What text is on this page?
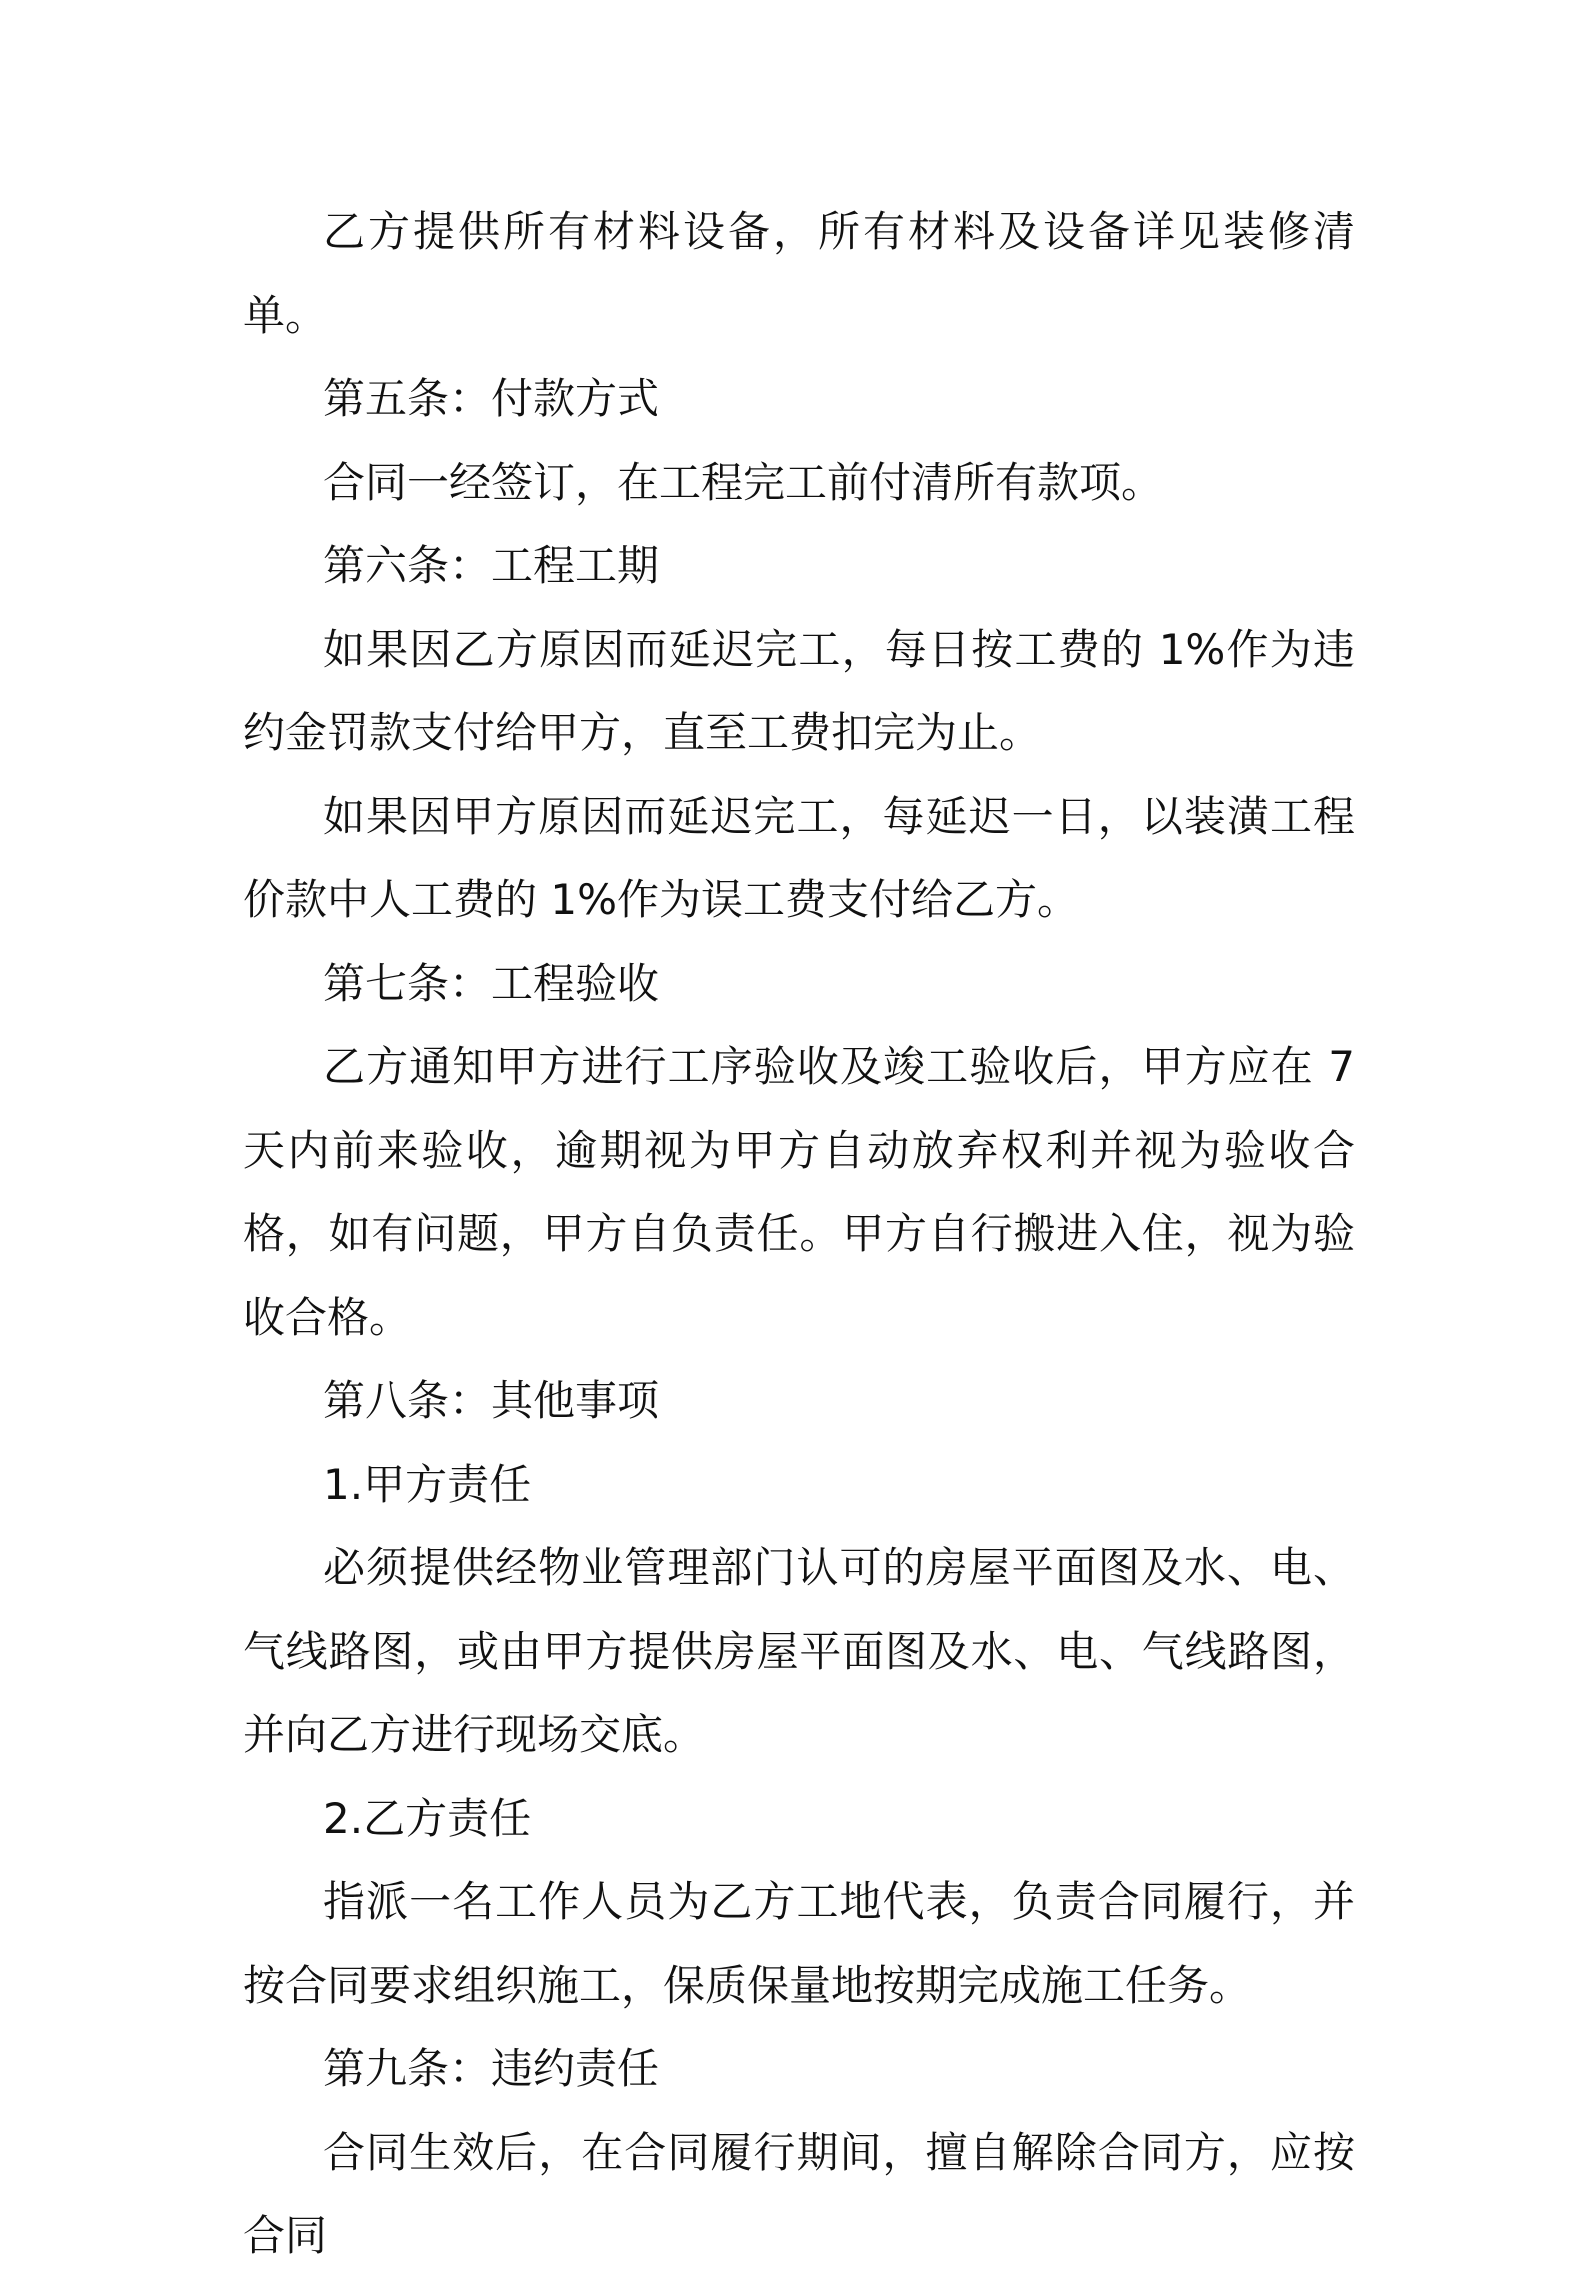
乙方提供所有材料设备，所有材料及设备详见装修清单。

第五条：付款方式

合同一经签订，在工程完工前付清所有款项。

第六条：工程工期

如果因乙方原因而延迟完工，每日按工费的 1%作为违约金罚款支付给甲方，直至工费扣完为止。

如果因甲方原因而延迟完工，每延迟一日，以装潢工程价款中人工费的 1%作为误工费支付给乙方。

第七条：工程验收

乙方通知甲方进行工序验收及竣工验收后，甲方应在 7 天内前来验收，逾期视为甲方自动放弃权利并视为验收合格，如有问题，甲方自负责任。甲方自行搬进入住，视为验收合格。

第八条：其他事项

1.甲方责任

必须提供经物业管理部门认可的房屋平面图及水、电、气线路图，或由甲方提供房屋平面图及水、电、气线路图，并向乙方进行现场交底。

2.乙方责任

指派一名工作人员为乙方工地代表，负责合同履行，并按合同要求组织施工，保质保量地按期完成施工任务。

第九条：违约责任

合同生效后，在合同履行期间，擅自解除合同方，应按合同
